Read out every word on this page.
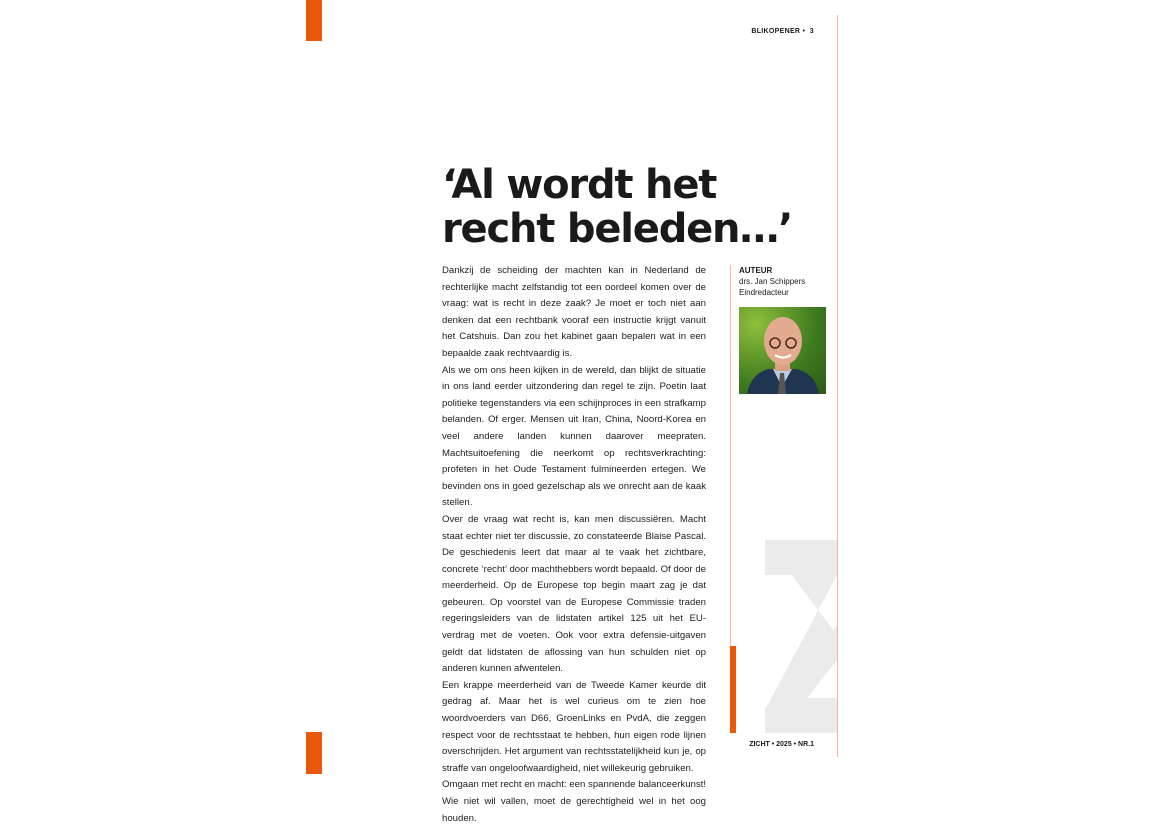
BLIKOPENER • 3
‘Al wordt het recht beleden…’

Dankzij de scheiding der machten kan in Nederland de rechterlijke macht zelfstandig tot een oordeel komen over de vraag: wat is recht in deze zaak? Je moet er toch niet aan denken dat een rechtbank vooraf een instructie krijgt vanuit het Catshuis. Dan zou het kabinet gaan bepalen wat in een bepaalde zaak rechtvaardig is.

Als we om ons heen kijken in de wereld, dan blijkt de situatie in ons land eerder uitzondering dan regel te zijn. Poetin laat politieke tegenstanders via een schijnproces in een strafkamp belanden. Of erger. Mensen uit Iran, China, Noord-Korea en veel andere landen kunnen daarover meepraten. Machtsuitoefening die neerkomt op rechtsverkrachting: profeten in het Oude Testament fulmineerden ertegen. We bevinden ons in goed gezelschap als we onrecht aan de kaak stellen.

Over de vraag wat recht is, kan men discussiëren. Macht staat echter niet ter discussie, zo constateerde Blaise Pascal. De geschiedenis leert dat maar al te vaak het zichtbare, concrete ‘recht’ door machthebbers wordt bepaald. Of door de meerderheid. Op de Europese top begin maart zag je dat gebeuren. Op voorstel van de Europese Commissie traden regeringsleiders van de lidstaten artikel 125 uit het EU-verdrag met de voeten. Ook voor extra defensie-uitgaven geldt dat lidstaten de aflossing van hun schulden niet op anderen kunnen afwentelen.

Een krappe meerderheid van de Tweede Kamer keurde dit gedrag af. Maar het is wel curieus om te zien hoe woordvoerders van D66, GroenLinks en PvdA, die zeggen respect voor de rechtsstaat te hebben, hun eigen rode lijnen overschrijden. Het argument van rechtsstatelijkheid kun je, op straffe van ongeloofwaardigheid, niet willekeurig gebruiken.

Omgaan met recht en macht: een spannende balanceerkunst! Wie niet wil vallen, moet de gerechtigheid wel in het oog houden.

AUTEUR
drs. Jan Schippers
Eindredacteur
ZICHT • 2025 • NR.1
